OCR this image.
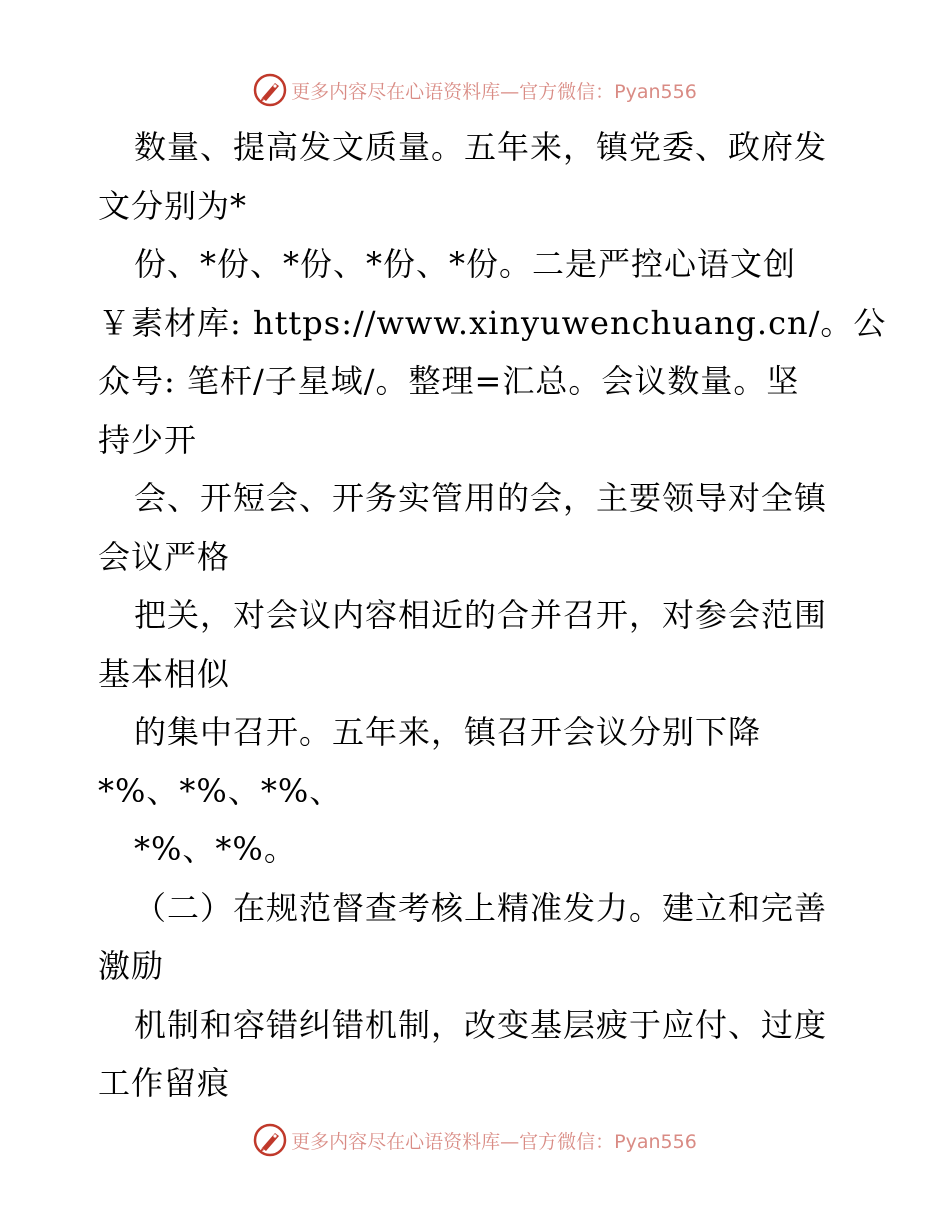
更多内容尽在心语资料库—官方微信：Pyan556
数量、提高发文质量。五年来，镇党委、政府发
文分别为*
份、*份、*份、*份、*份。二是严控心语文创
￥素材库: https://www.xinyuwenchuang.cn/。公
众号: 笔杆/子星域/。整理=汇总。会议数量。坚
持少开
会、开短会、开务实管用的会，主要领导对全镇
会议严格
把关，对会议内容相近的合并召开，对参会范围
基本相似
的集中召开。五年来，镇召开会议分别下降
*%、*%、*%、
*%、*%。
（二）在规范督查考核上精准发力。建立和完善
激励
机制和容错纠错机制，改变基层疲于应付、过度
工作留痕
更多内容尽在心语资料库—官方微信：Pyan556
